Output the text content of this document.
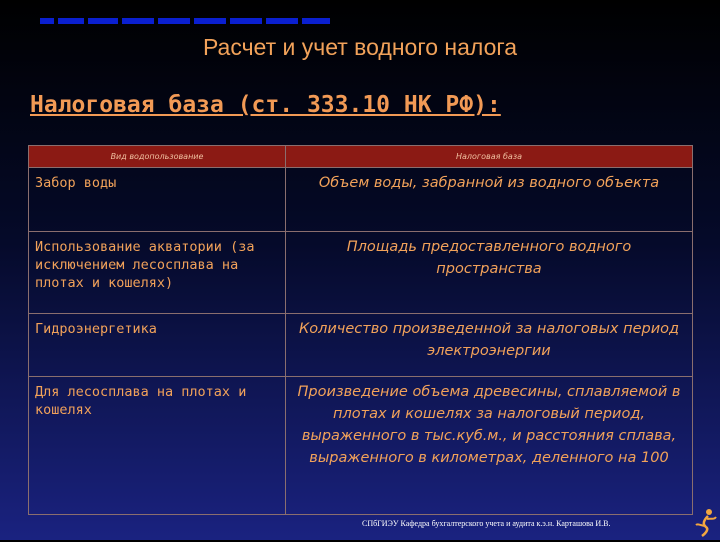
Расчет и учет водного налога
Налоговая база (ст. 333.10 НК РФ):
Вид водопользование	Налоговая база
Забор воды	Объем воды, забранной из водного объекта
Использование акватории (за исключением лесосплава на плотах и кошелях)	Площадь предоставленного водного пространства
Гидроэнергетика	Количество произведенной за налоговых период электроэнергии
Для лесосплава на плотах и кошелях	Произведение объема древесины, сплавляемой в плотах и кошелях за налоговый период, выраженного в тыс.куб.м., и расстояния сплава, выраженного в километрах, деленного на 100
СПбГИЭУ Кафедра бухгалтерского учета и аудита к.э.н. Карташова И.В.
